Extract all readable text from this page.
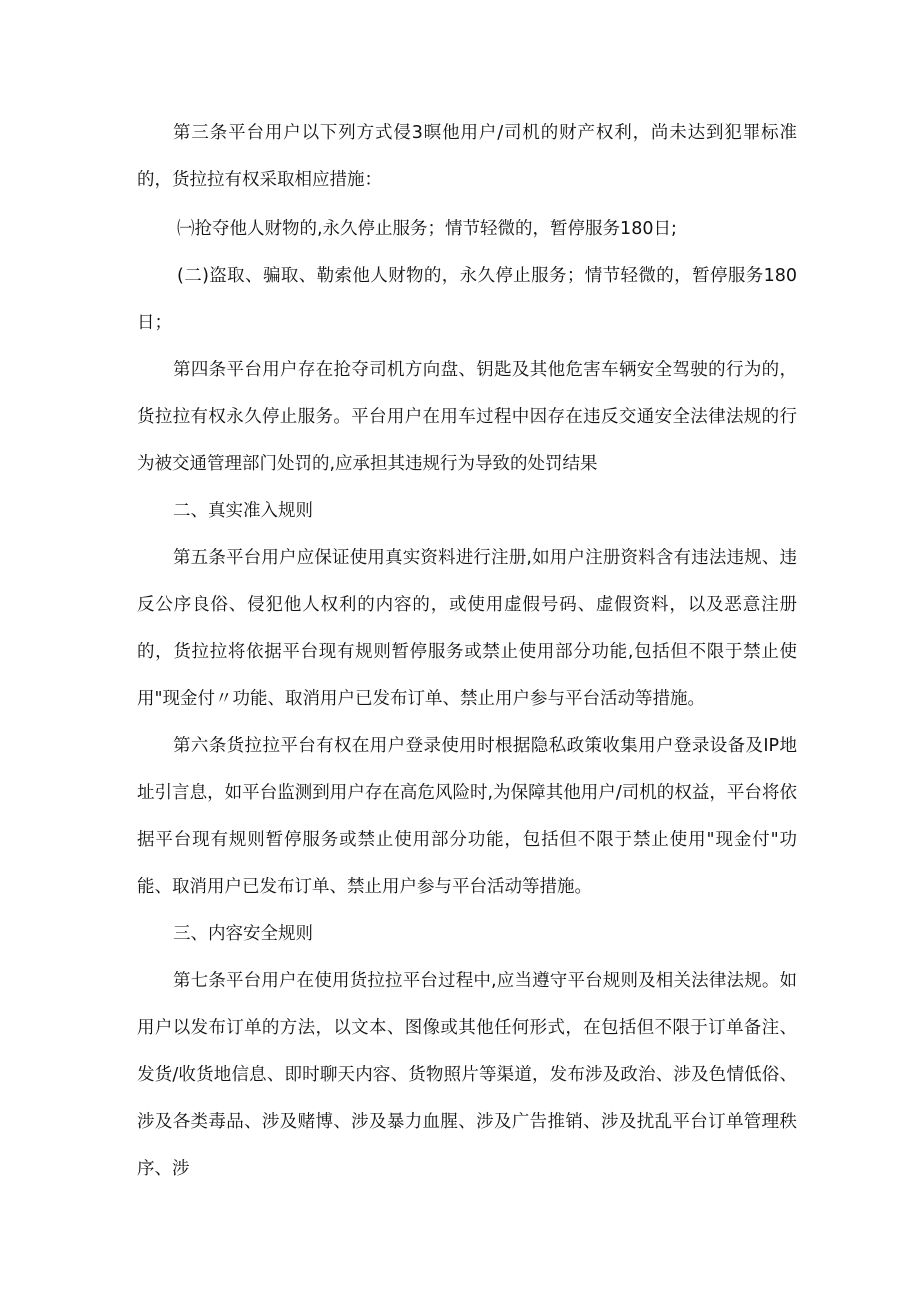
第三条平台用户以下列方式侵3暝他用户/司机的财产权利，尚未达到犯罪标准的，货拉拉有权采取相应措施：

㈠抢夺他人财物的,永久停止服务；情节轻微的，暂停服务180日;

(二)盗取、骗取、勒索他人财物的，永久停止服务；情节轻微的，暂停服务180日；

第四条平台用户存在抢夺司机方向盘、钥匙及其他危害车辆安全驾驶的行为的，货拉拉有权永久停止服务。平台用户在用车过程中因存在违反交通安全法律法规的行为被交通管理部门处罚的,应承担其违规行为导致的处罚结果

二、真实准入规则

第五条平台用户应保证使用真实资料进行注册,如用户注册资料含有违法违规、违反公序良俗、侵犯他人权利的内容的，或使用虚假号码、虚假资料，以及恶意注册的，货拉拉将依据平台现有规则暂停服务或禁止使用部分功能,包括但不限于禁止使用"现金付〃功能、取消用户已发布订单、禁止用户参与平台活动等措施。

第六条货拉拉平台有权在用户登录使用时根据隐私政策收集用户登录设备及IP地址引言息，如平台监测到用户存在高危风险时,为保障其他用户/司机的权益，平台将依据平台现有规则暂停服务或禁止使用部分功能，包括但不限于禁止使用"现金付"功能、取消用户已发布订单、禁止用户参与平台活动等措施。

三、内容安全规则

第七条平台用户在使用货拉拉平台过程中,应当遵守平台规则及相关法律法规。如用户以发布订单的方法，以文本、图像或其他任何形式，在包括但不限于订单备注、发货/收货地信息、即时聊天内容、货物照片等渠道，发布涉及政治、涉及色情低俗、涉及各类毒品、涉及赌博、涉及暴力血腥、涉及广告推销、涉及扰乱平台订单管理秩序、涉
